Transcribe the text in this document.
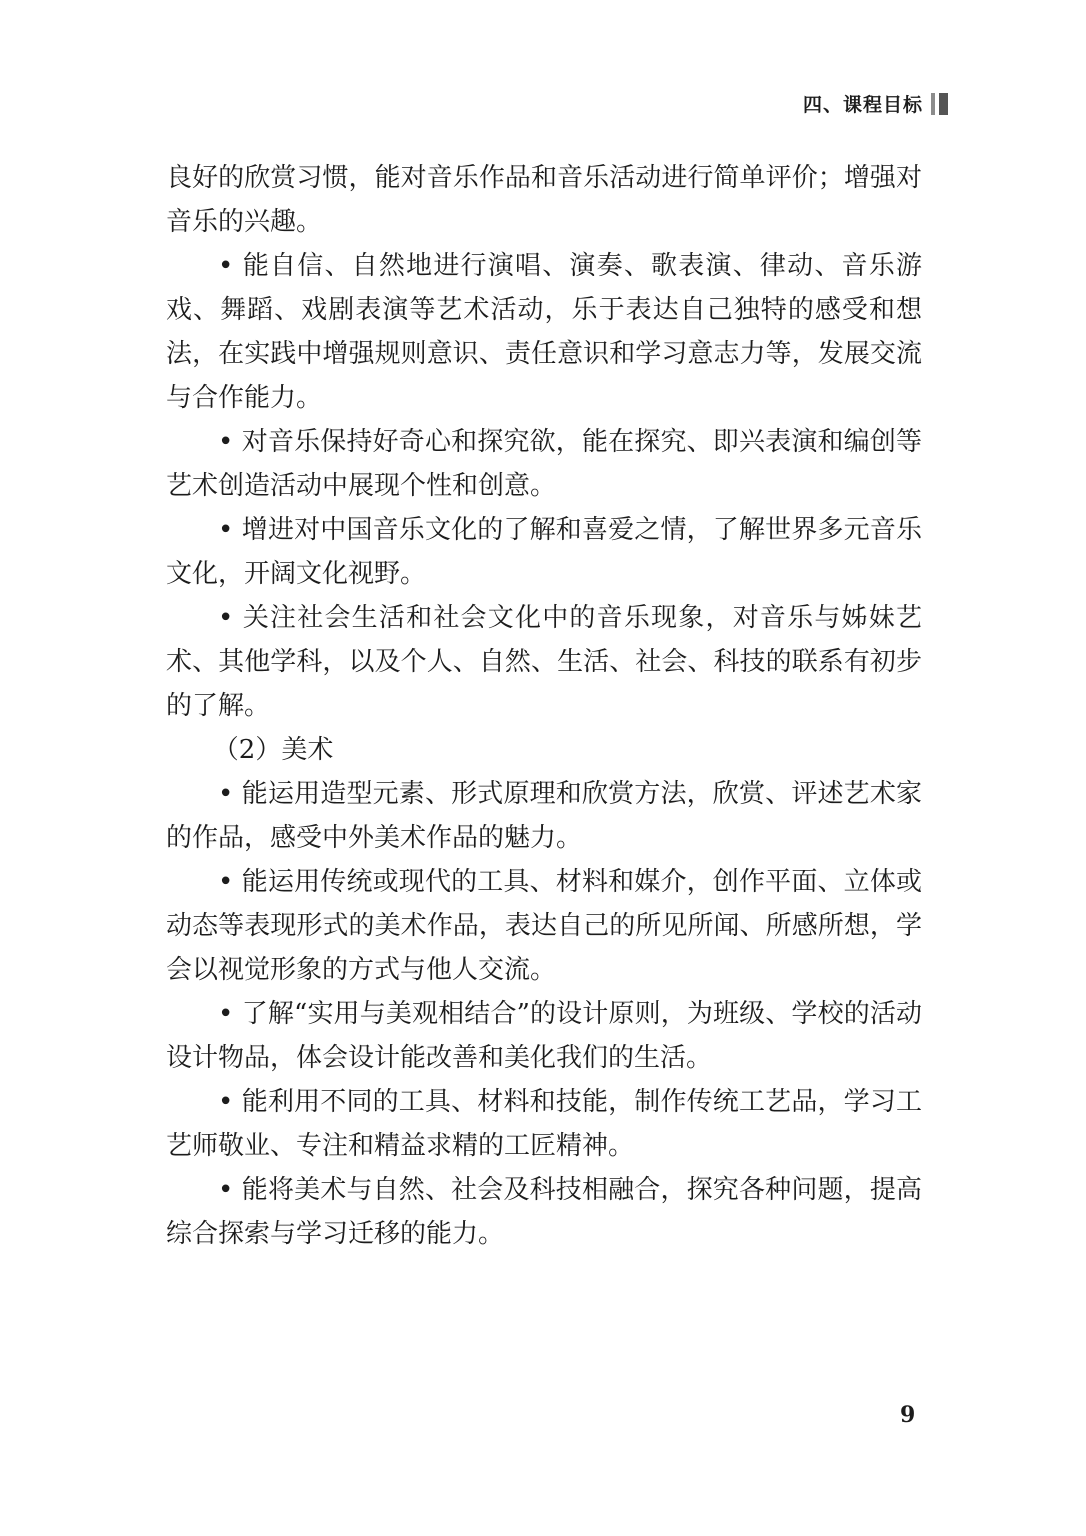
四、课程目标

良好的欣赏习惯，能对音乐作品和音乐活动进行简单评价；增强对音乐的兴趣。

• 能自信、自然地进行演唱、演奏、歌表演、律动、音乐游戏、舞蹈、戏剧表演等艺术活动，乐于表达自己独特的感受和想法，在实践中增强规则意识、责任意识和学习意志力等，发展交流与合作能力。

• 对音乐保持好奇心和探究欲，能在探究、即兴表演和编创等艺术创造活动中展现个性和创意。

• 增进对中国音乐文化的了解和喜爱之情，了解世界多元音乐文化，开阔文化视野。

• 关注社会生活和社会文化中的音乐现象，对音乐与姊妹艺术、其他学科，以及个人、自然、生活、社会、科技的联系有初步的了解。

（2）美术

• 能运用造型元素、形式原理和欣赏方法，欣赏、评述艺术家的作品，感受中外美术作品的魅力。

• 能运用传统或现代的工具、材料和媒介，创作平面、立体或动态等表现形式的美术作品，表达自己的所见所闻、所感所想，学会以视觉形象的方式与他人交流。

• 了解“实用与美观相结合”的设计原则，为班级、学校的活动设计物品，体会设计能改善和美化我们的生活。

• 能利用不同的工具、材料和技能，制作传统工艺品，学习工艺师敬业、专注和精益求精的工匠精神。

• 能将美术与自然、社会及科技相融合，探究各种问题，提高综合探索与学习迁移的能力。

9
